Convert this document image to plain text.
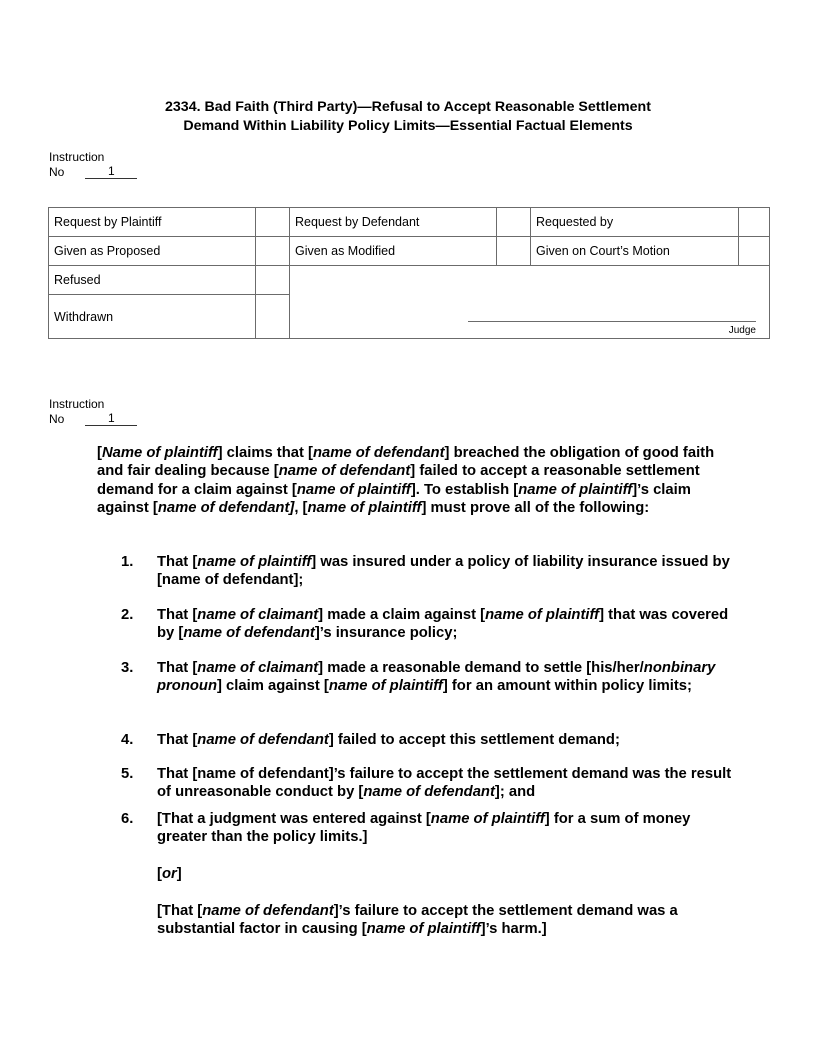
2334. Bad Faith (Third Party)—Refusal to Accept Reasonable Settlement
Demand Within Liability Policy Limits—Essential Factual Elements
Instruction
No	1
Request by Plaintiff		Request by Defendant		Requested by	
Given as Proposed		Given as Modified		Given on Court’s Motion	
Refused		Judge			

Withdrawn					
Instruction
No	1
[Name of plaintiff] claims that [name of defendant] breached the obligation of good faith and fair dealing because [name of defendant] failed to accept a reasonable settlement demand for a claim against [name of plaintiff]. To establish [name of plaintiff]’s claim against [name of defendant], [name of plaintiff] must prove all of the following:
1.	That [name of plaintiff] was insured under a policy of liability insurance issued by [name of defendant];
2.	That [name of claimant] made a claim against [name of plaintiff] that was covered by [name of defendant]’s insurance policy;
3.	That [name of claimant] made a reasonable demand to settle [his/her/nonbinary pronoun] claim against [name of plaintiff] for an amount within policy limits;
4.	That [name of defendant] failed to accept this settlement demand;
5.	That [name of defendant]’s failure to accept the settlement demand was the result of unreasonable conduct by [name of defendant]; and
6.	[That a judgment was entered against [name of plaintiff] for a sum of money greater than the policy limits.]
[or]
[That [name of defendant]’s failure to accept the settlement demand was a substantial factor in causing [name of plaintiff]’s harm.]
